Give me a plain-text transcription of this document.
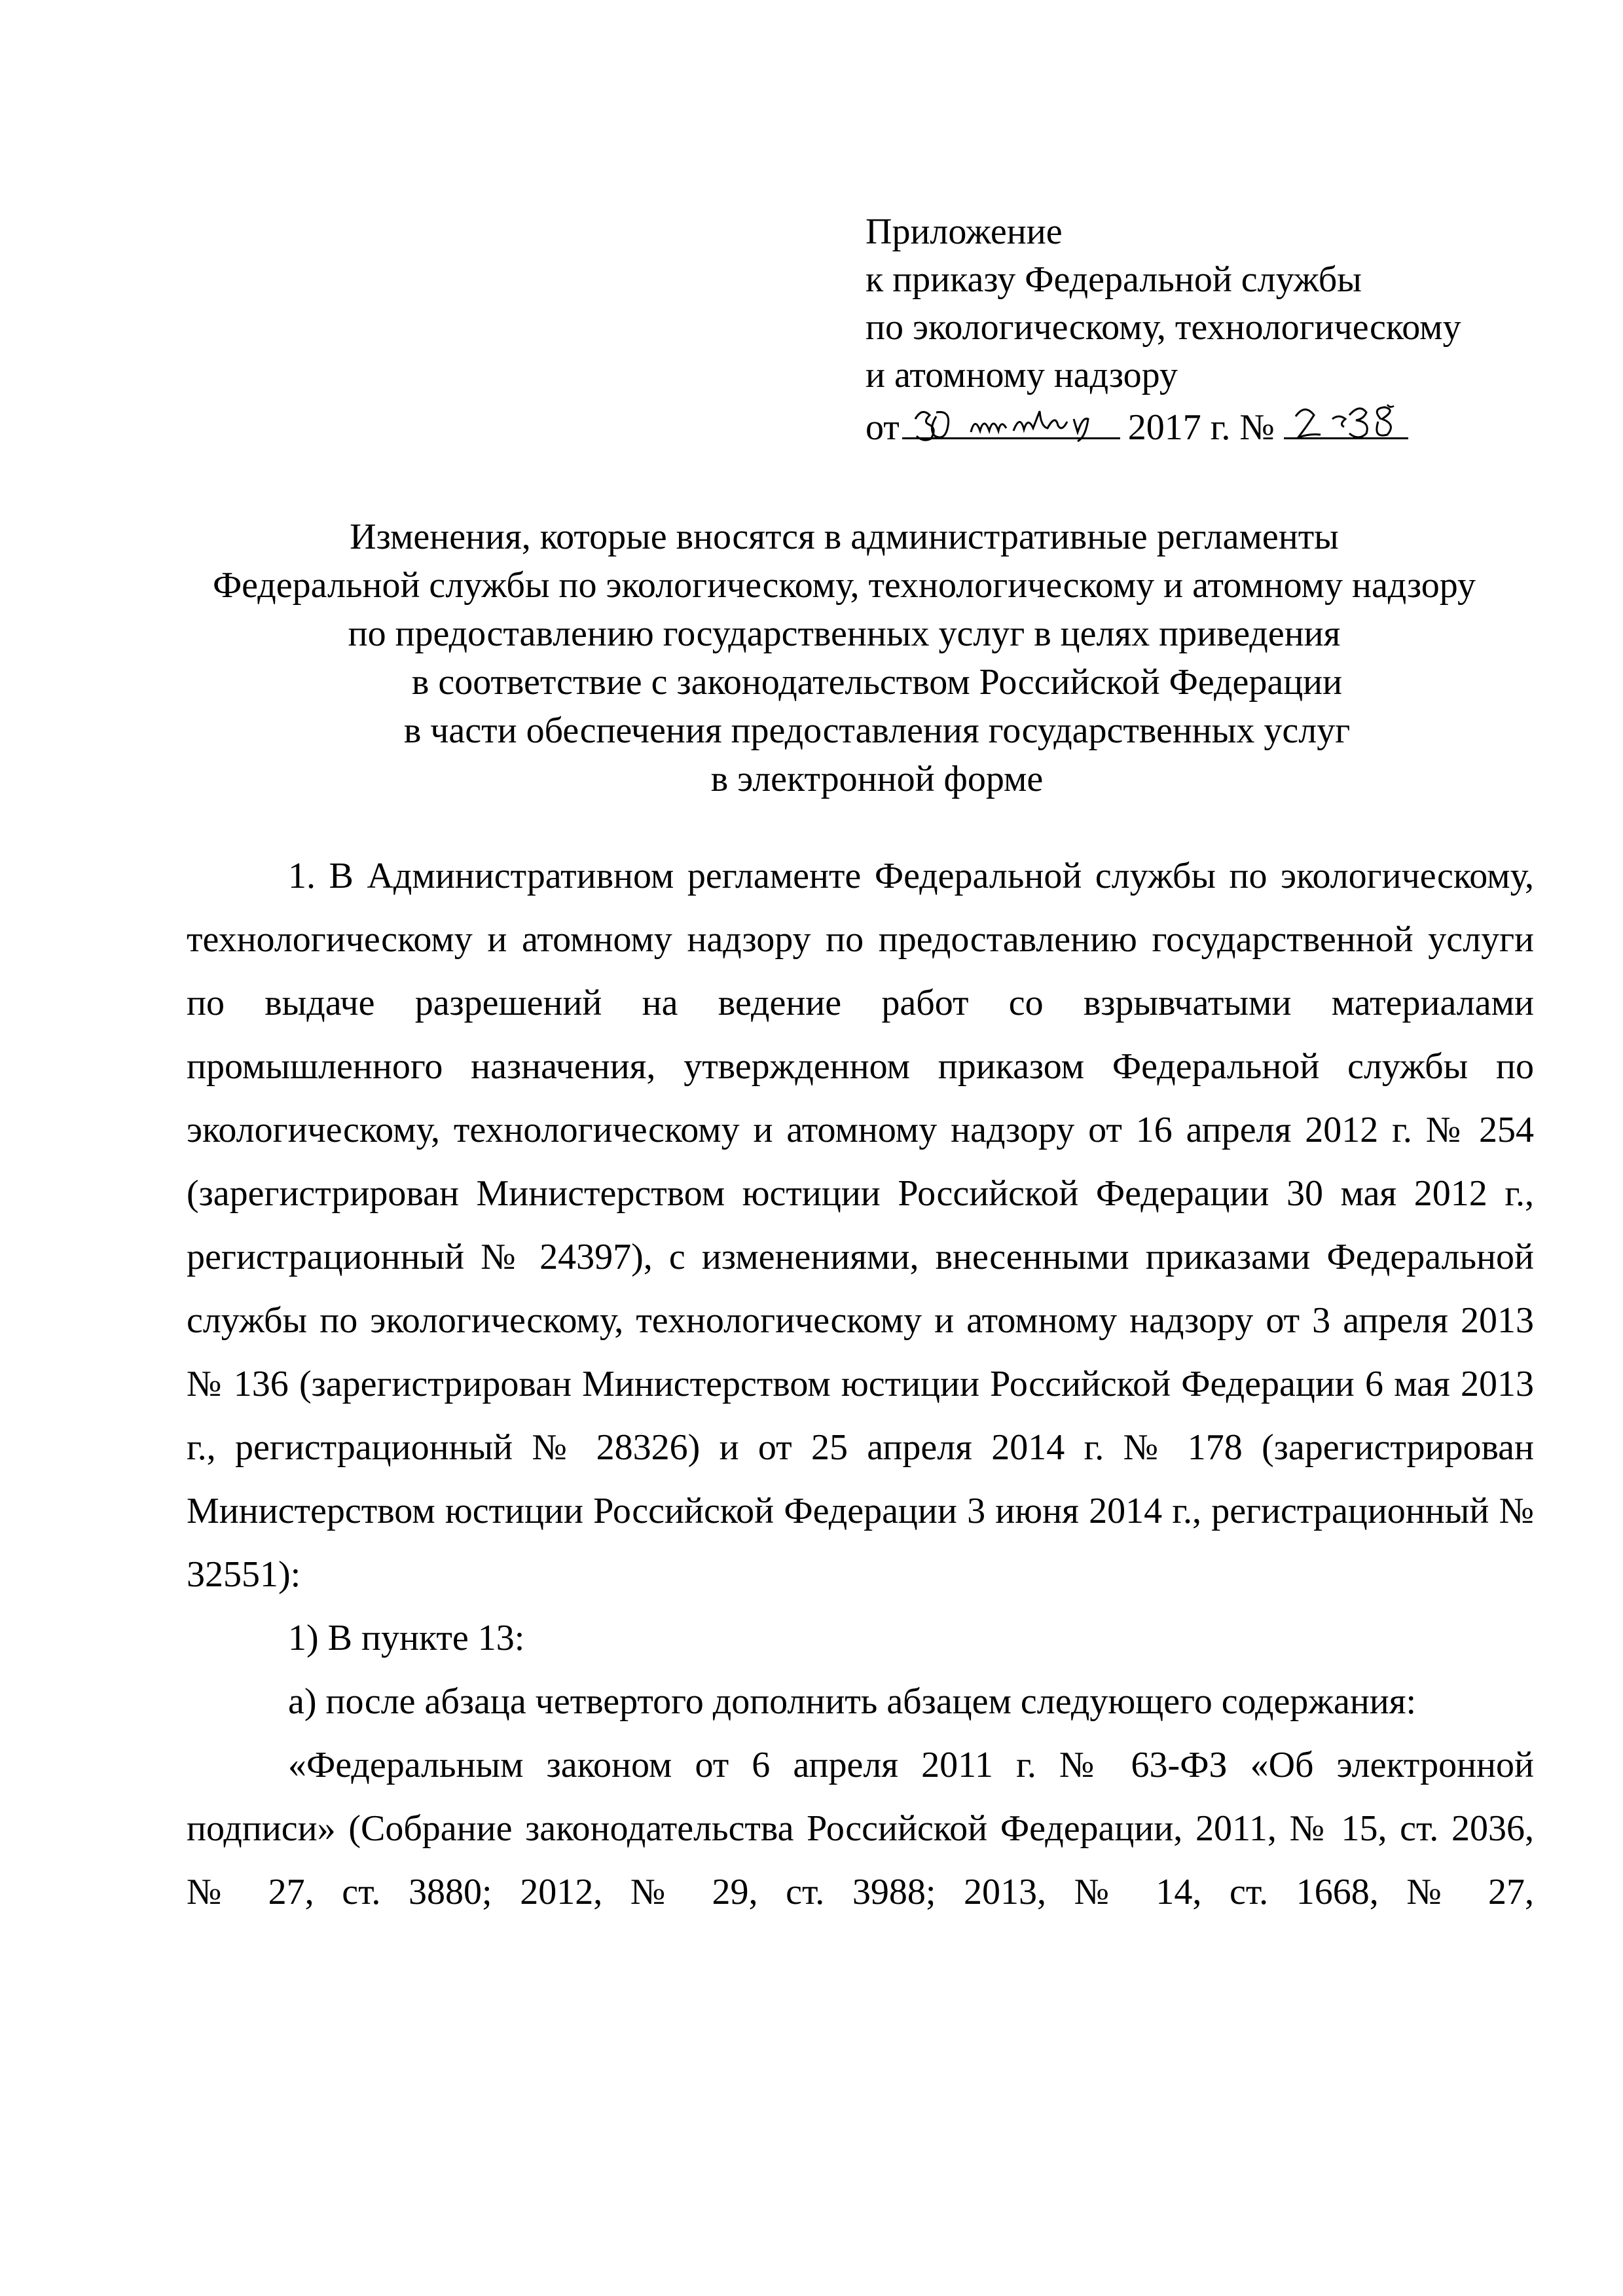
Приложение
к приказу Федеральной службы
по экологическому, технологическому
и атомному надзору
от	2017 г. №
Изменения, которые вносятся в административные регламенты
Федеральной службы по экологическому, технологическому и атомному надзору
по предоставлению государственных услуг в целях приведения
в соответствие с законодательством Российской Федерации
в части обеспечения предоставления государственных услуг
в электронной форме

1. В Административном регламенте Федеральной службы по экологическому, технологическому и атомному надзору по предоставлению государственной услуги по выдаче разрешений на ведение работ со взрывчатыми материалами промышленного назначения, утвержденном приказом Федеральной службы по экологическому, технологическому и атомному надзору от 16 апреля 2012 г. № 254 (зарегистрирован Министерством юстиции Российской Федерации 30 мая 2012 г., регистрационный № 24397), с изменениями, внесенными приказами Федеральной службы по экологическому, технологическому и атомному надзору от 3 апреля 2013 № 136 (зарегистрирован Министерством юстиции Российской Федерации 6 мая 2013 г., регистрационный № 28326) и от 25 апреля 2014 г. № 178 (зарегистрирован Министерством юстиции Российской Федерации 3 июня 2014 г., регистрационный № 32551):

1) В пункте 13:

а) после абзаца четвертого дополнить абзацем следующего содержания:

«Федеральным законом от 6 апреля 2011 г. № 63-ФЗ «Об электронной подписи» (Собрание законодательства Российской Федерации, 2011, № 15, ст. 2036, № 27, ст. 3880; 2012, № 29, ст. 3988; 2013, № 14, ст. 1668, № 27,
